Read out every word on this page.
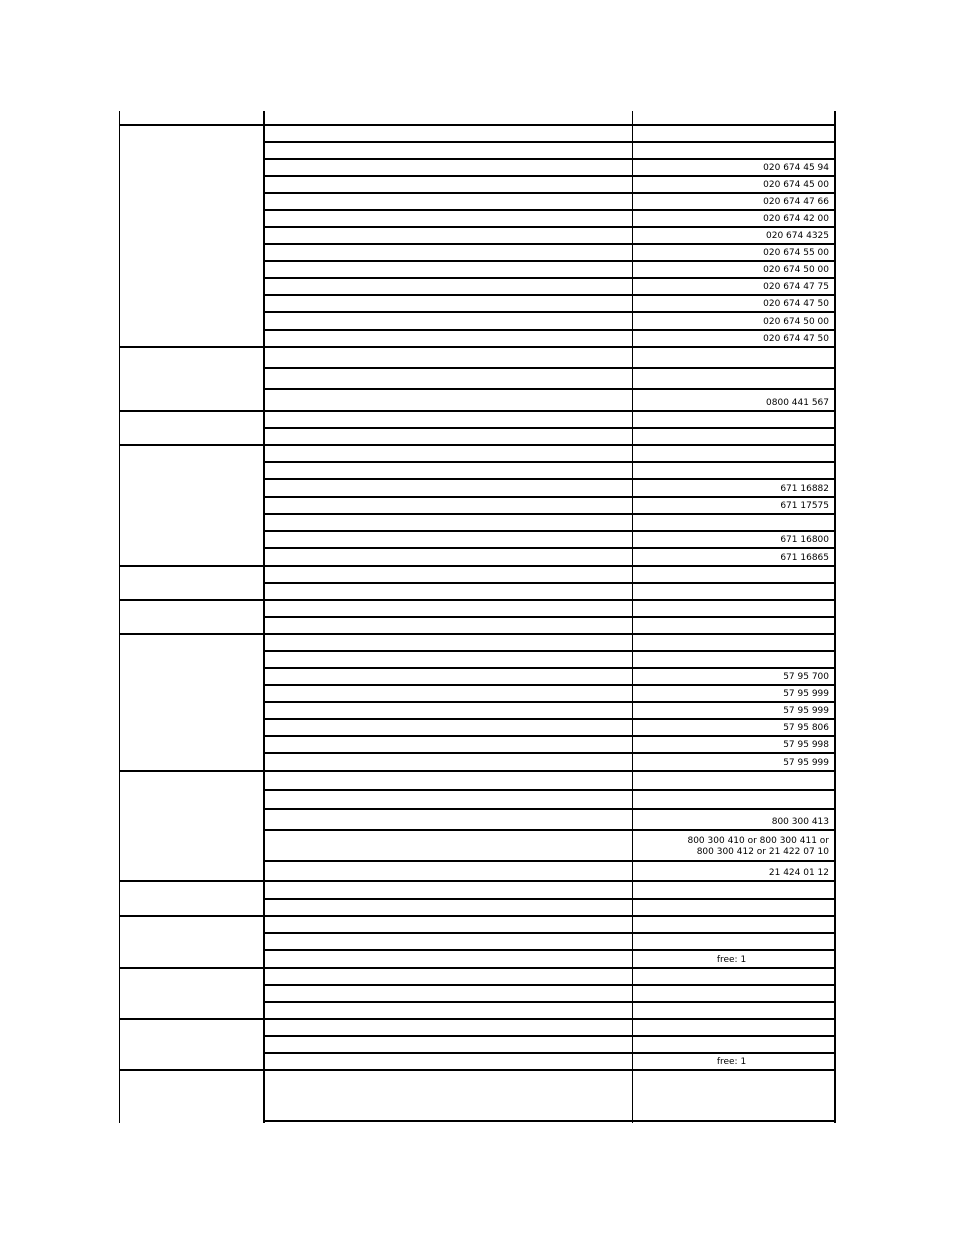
020 674 45 94
020 674 45 00
020 674 47 66
020 674 42 00
020 674 4325
020 674 55 00
020 674 50 00
020 674 47 75
020 674 47 50
020 674 50 00
020 674 47 50
0800 441 567
671 16882
671 17575
671 16800
671 16865
57 95 700
57 95 999
57 95 999
57 95 806
57 95 998
57 95 999
800 300 413
800 300 410 or 800 300 411 or
800 300 412 or 21 422 07 10
21 424 01 12
free: 1
free: 1
